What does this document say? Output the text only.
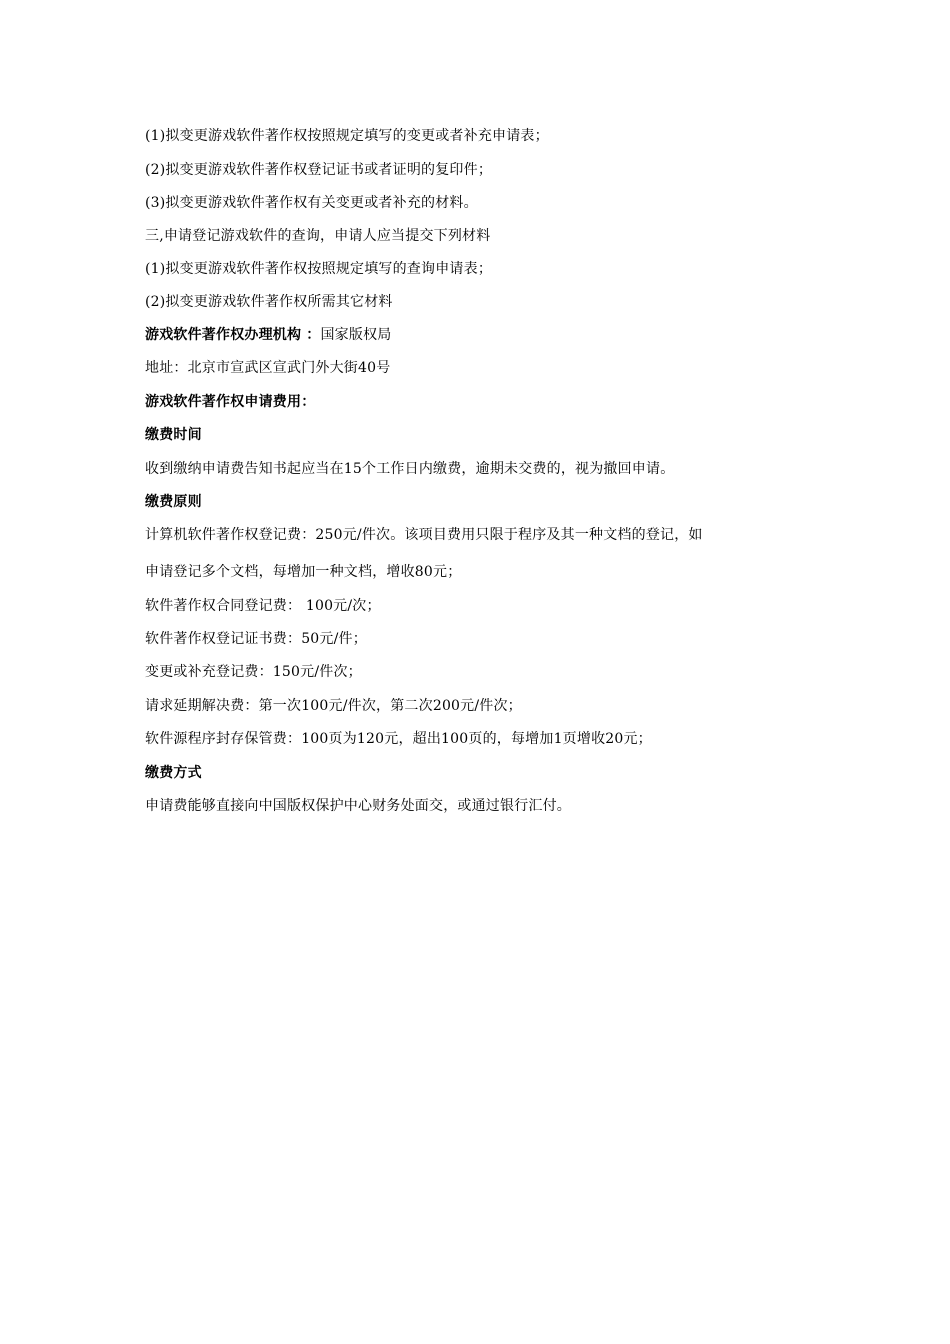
(1)拟变更游戏软件著作权按照规定填写的变更或者补充申请表；
(2)拟变更游戏软件著作权登记证书或者证明的复印件；
(3)拟变更游戏软件著作权有关变更或者补充的材料。
三,申请登记游戏软件的查询，申请人应当提交下列材料
(1)拟变更游戏软件著作权按照规定填写的查询申请表；
(2)拟变更游戏软件著作权所需其它材料
游戏软件著作权办理机构 ：国家版权局
地址：北京市宣武区宣武门外大街40号
游戏软件著作权申请费用：
缴费时间
收到缴纳申请费告知书起应当在15个工作日内缴费，逾期未交费的，视为撤回申请。
缴费原则
计算机软件著作权登记费：250元/件次。该项目费用只限于程序及其一种文档的登记，如
申请登记多个文档，每增加一种文档，增收80元；
软件著作权合同登记费： 100元/次；
软件著作权登记证书费：50元/件；
变更或补充登记费：150元/件次；
请求延期解决费：第一次100元/件次，第二次200元/件次；
软件源程序封存保管费：100页为120元，超出100页的，每增加1页增收20元；
缴费方式
申请费能够直接向中国版权保护中心财务处面交，或通过银行汇付。
